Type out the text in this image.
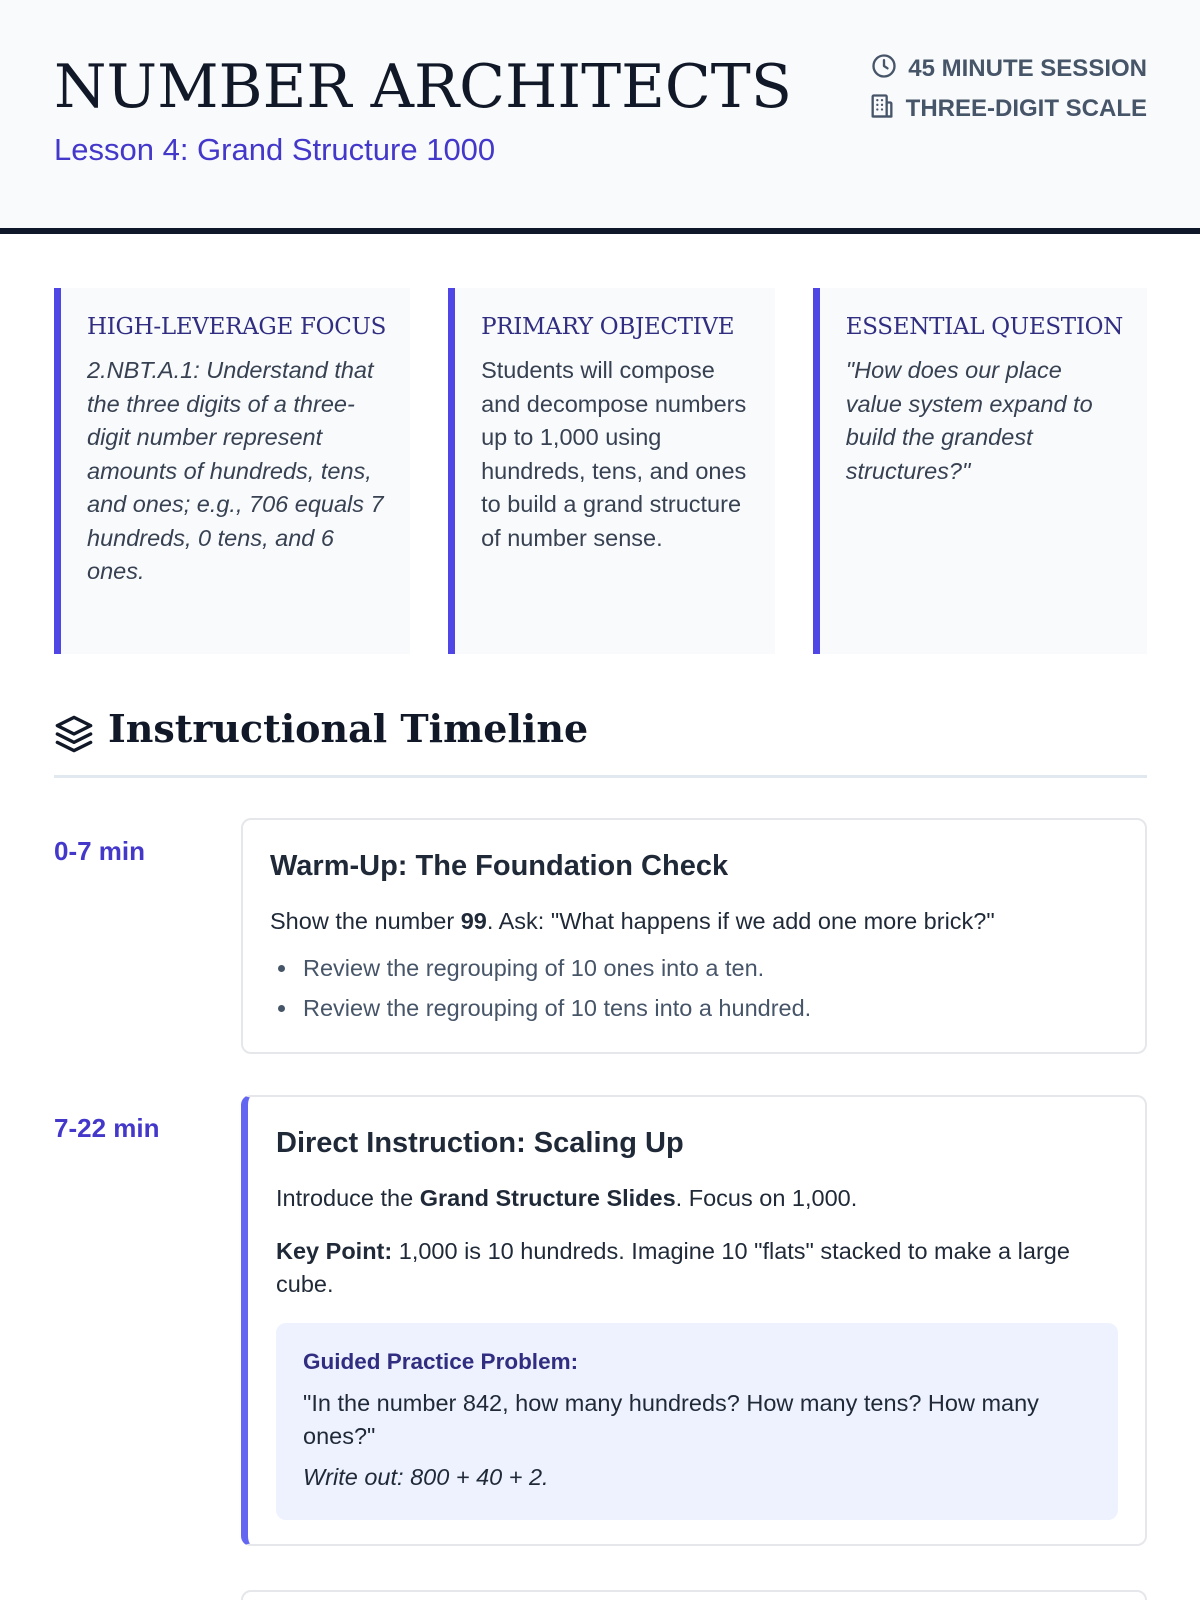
NUMBER ARCHITECTS
Lesson 4: Grand Structure 1000
45 MINUTE SESSION
THREE-DIGIT SCALE
HIGH-LEVERAGE FOCUS
2.NBT.A.1: Understand that the three digits of a three-digit number represent amounts of hundreds, tens, and ones; e.g., 706 equals 7 hundreds, 0 tens, and 6 ones.
PRIMARY OBJECTIVE
Students will compose and decompose numbers up to 1,000 using hundreds, tens, and ones to build a grand structure of number sense.
ESSENTIAL QUESTION
"How does our place value system expand to build the grandest structures?"
Instructional Timeline
0-7 min	Warm-Up: The Foundation Check

Show the number 99. Ask: "What happens if we add one more brick?"

Review the regrouping of 10 ones into a ten.
Review the regrouping of 10 tens into a hundred.
7-22 min	Direct Instruction: Scaling Up

Introduce the Grand Structure Slides. Focus on 1,000.

Key Point: 1,000 is 10 hundreds. Imagine 10 "flats" stacked to make a large cube.

Guided Practice Problem:
"In the number 842, how many hundreds? How many tens? How many ones?"
Write out: 800 + 40 + 2.
